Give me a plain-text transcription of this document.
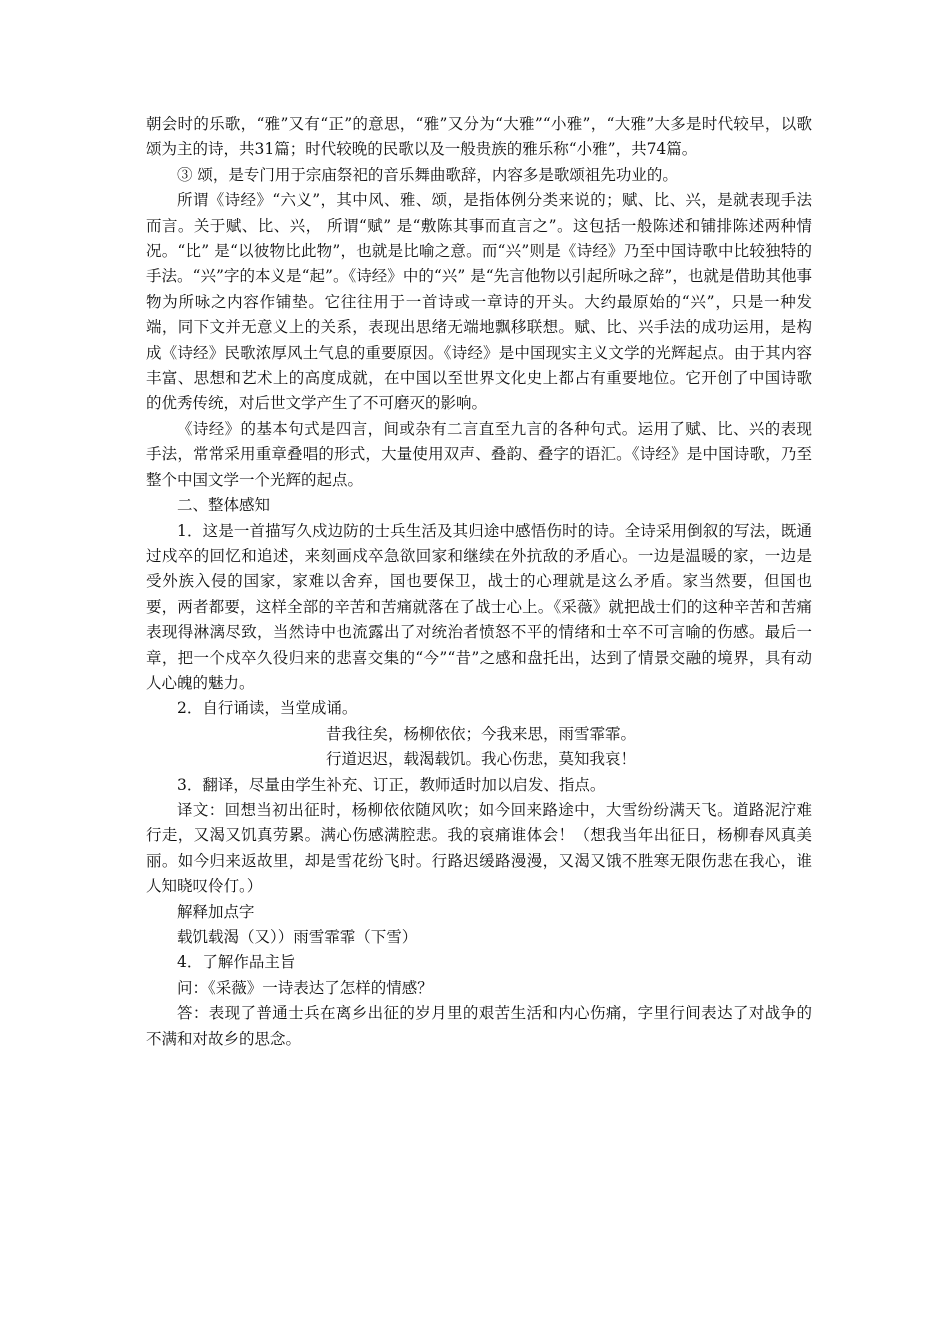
朝会时的乐歌，“雅”又有“正”的意思，“雅”又分为“大雅”“小雅”，“大雅”大多是时代较早，以歌颂为主的诗，共31篇；时代较晚的民歌以及一般贵族的雅乐称“小雅”，共74篇。

③ 颂，是专门用于宗庙祭祀的音乐舞曲歌辞，内容多是歌颂祖先功业的。

所谓《诗经》“六义”，其中风、雅、颂，是指体例分类来说的；赋、比、兴，是就表现手法而言。关于赋、比、兴， 所谓“赋” 是“敷陈其事而直言之”。这包括一般陈述和铺排陈述两种情况。“比” 是“以彼物比此物”，也就是比喻之意。而“兴”则是《诗经》乃至中国诗歌中比较独特的手法。“兴”字的本义是“起”。《诗经》中的“兴” 是“先言他物以引起所咏之辞”，也就是借助其他事物为所咏之内容作铺垫。它往往用于一首诗或一章诗的开头。大约最原始的“兴”，只是一种发端，同下文并无意义上的关系，表现出思绪无端地飘移联想。赋、比、兴手法的成功运用，是构成《诗经》民歌浓厚风土气息的重要原因。《诗经》是中国现实主义文学的光辉起点。由于其内容丰富、思想和艺术上的高度成就，在中国以至世界文化史上都占有重要地位。它开创了中国诗歌的优秀传统，对后世文学产生了不可磨灭的影响。

《诗经》的基本句式是四言，间或杂有二言直至九言的各种句式。运用了赋、比、兴的表现手法，常常采用重章叠唱的形式，大量使用双声、叠韵、叠字的语汇。《诗经》是中国诗歌，乃至整个中国文学一个光辉的起点。

二、整体感知

1．这是一首描写久戍边防的士兵生活及其归途中感悟伤时的诗。全诗采用倒叙的写法，既通过戍卒的回忆和追述，来刻画戍卒急欲回家和继续在外抗敌的矛盾心。一边是温暖的家，一边是受外族入侵的国家，家难以舍弃，国也要保卫，战士的心理就是这么矛盾。家当然要，但国也要，两者都要，这样全部的辛苦和苦痛就落在了战士心上。《采薇》就把战士们的这种辛苦和苦痛表现得淋漓尽致，当然诗中也流露出了对统治者愤怒不平的情绪和士卒不可言喻的伤感。最后一章，把一个戍卒久役归来的悲喜交集的“今”“昔”之感和盘托出，达到了情景交融的境界，具有动人心魄的魅力。

2．自行诵读，当堂成诵。

昔我往矣，杨柳依依；今我来思，雨雪霏霏。

行道迟迟，载渴载饥。我心伤悲，莫知我哀！

3．翻译，尽量由学生补充、订正，教师适时加以启发、指点。

译文：回想当初出征时，杨柳依依随风吹；如今回来路途中，大雪纷纷满天飞。道路泥泞难行走，又渴又饥真劳累。满心伤感满腔悲。我的哀痛谁体会！（想我当年出征日，杨柳春风真美丽。如今归来返故里，却是雪花纷飞时。行路迟缓路漫漫，又渴又饿不胜寒无限伤悲在我心，谁人知晓叹伶仃。）

解释加点字

载饥载渴（又））雨雪霏霏（下雪）

4．了解作品主旨

问：《采薇》一诗表达了怎样的情感？

答：表现了普通士兵在离乡出征的岁月里的艰苦生活和内心伤痛，字里行间表达了对战争的不满和对故乡的思念。
